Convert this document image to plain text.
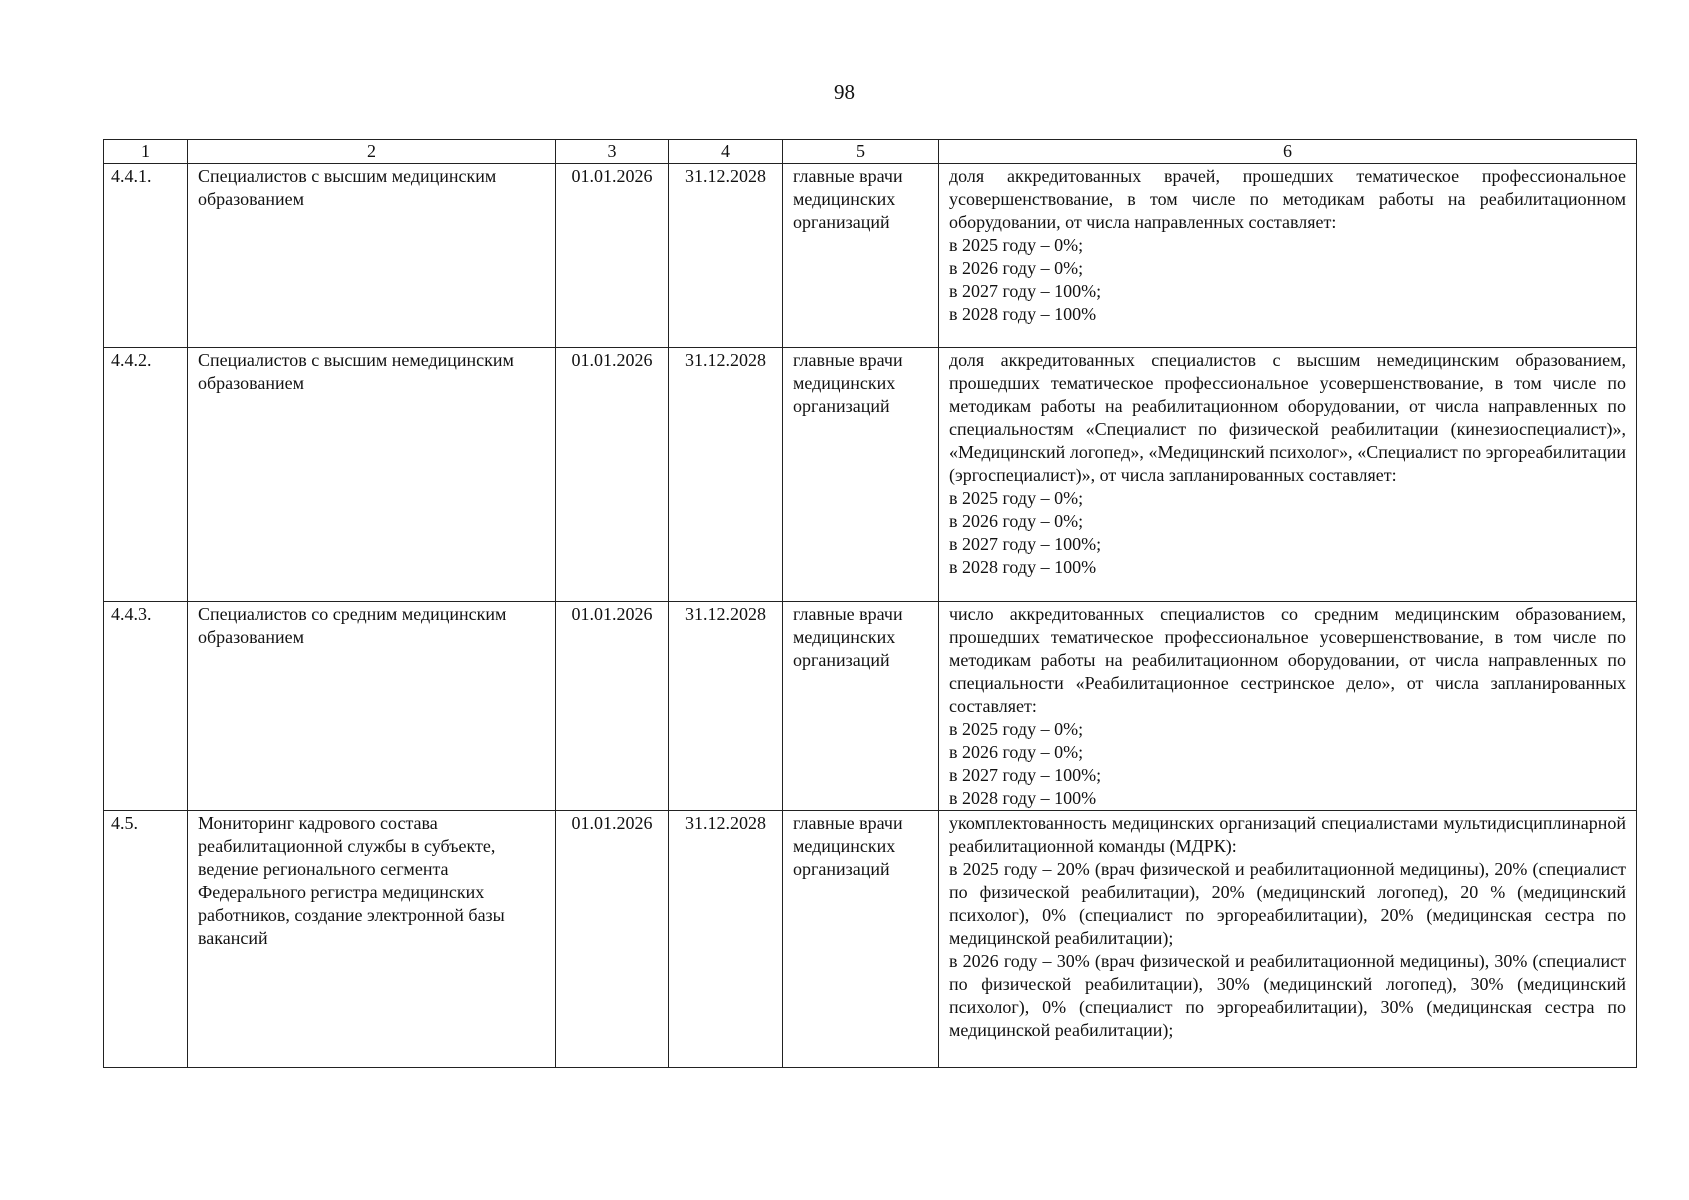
98
1	2	3	4	5	6
4.4.1.	Специалистов с высшим медицинским образованием	01.01.2026	31.12.2028	главные врачи медицинских организаций	доля аккредитованных врачей, прошедших тематическое профессиональное усовершенствование, в том числе по методикам работы на реабилитационном оборудовании, от числа направленных составляет:
в 2025 году – 0%;
в 2026 году – 0%;
в 2027 году – 100%;
в 2028 году – 100%

4.4.2.	Специалистов с высшим немедицинским образованием	01.01.2026	31.12.2028	главные врачи медицинских организаций	доля аккредитованных специалистов с высшим немедицинским образованием, прошедших тематическое профессиональное усовершенствование, в том числе по методикам работы на реабилитационном оборудовании, от числа направленных по специальностям «Специалист по физической реабилитации (кинезиоспециалист)», «Медицинский логопед», «Медицинский психолог», «Специалист по эргореабилитации (эргоспециалист)», от числа запланированных составляет:
в 2025 году – 0%;
в 2026 году – 0%;
в 2027 году – 100%;
в 2028 году – 100%

4.4.3.	Специалистов со средним медицинским образованием	01.01.2026	31.12.2028	главные врачи медицинских организаций	число аккредитованных специалистов со средним медицинским образованием, прошедших тематическое профессиональное усовершенствование, в том числе по методикам работы на реабилитационном оборудовании, от числа направленных по специальности «Реабилитационное сестринское дело», от числа запланированных составляет:
в 2025 году – 0%;
в 2026 году – 0%;
в 2027 году – 100%;
в 2028 году – 100%

4.5.	Мониторинг кадрового состава реабилитационной службы в субъекте, ведение регионального сегмента Федерального регистра медицинских работников, создание электронной базы вакансий	01.01.2026	31.12.2028	главные врачи медицинских организаций	укомплектованность медицинских организаций специалистами мультидисциплинарной реабилитационной команды (МДРК):
в 2025 году – 20% (врач физической и реабилитационной медицины), 20% (специалист по физической реабилитации), 20% (медицинский логопед), 20 % (медицинский психолог), 0% (специалист по эргореабилитации), 20% (медицинская сестра по медицинской реабилитации);
в 2026 году – 30% (врач физической и реабилитационной медицины), 30% (специалист по физической реабилитации), 30% (медицинский логопед), 30% (медицинский психолог), 0% (специалист по эргореабилитации), 30% (медицинская сестра по медицинской реабилитации);
